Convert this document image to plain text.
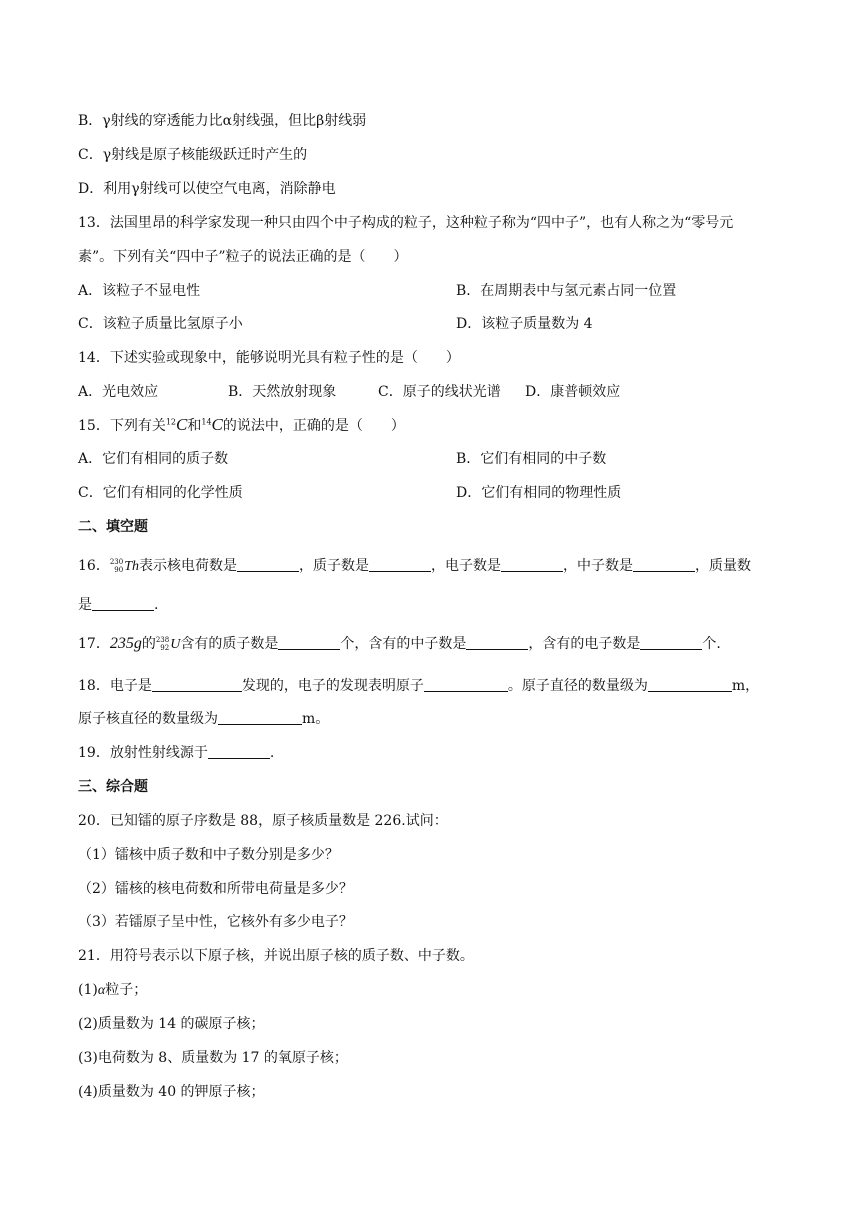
B．γ射线的穿透能力比α射线强，但比β射线弱
C．γ射线是原子核能级跃迁时产生的
D．利用γ射线可以使空气电离，消除静电
13．法国里昂的科学家发现一种只由四个中子构成的粒子，这种粒子称为“四中子”，也有人称之为“零号元
素”。下列有关“四中子”粒子的说法正确的是（　　）
A．该粒子不显电性	B．在周期表中与氢元素占同一位置
C．该粒子质量比氢原子小	D．该粒子质量数为 4
14．下述实验或现象中，能够说明光具有粒子性的是（　　）
A．光电效应	B．天然放射现象	C．原子的线状光谱 D．康普顿效应
15．下列有关$^{12}$C和$^{14}$C的说法中，正确的是（　　）
A．它们有相同的质子数	B．它们有相同的中子数
C．它们有相同的化学性质	D．它们有相同的物理性质
二、填空题
16． 230
90 Th表示核电荷数是	，质子数是	，电子数是	，中子数是	，质量数
是	.
17．235g的 238
92 U含有的质子数是	个，含有的中子数是	，含有的电子数是	个.
18．电子是	发现的，电子的发现表明原子	。原子直径的数量级为	m，
原子核直径的数量级为	m。
19．放射性射线源于	.
三、综合题
20．已知镭的原子序数是 88，原子核质量数是 226.试问：
（1）镭核中质子数和中子数分别是多少？
（2）镭核的核电荷数和所带电荷量是多少？
（3）若镭原子呈中性，它核外有多少电子？
21．用符号表示以下原子核，并说出原子核的质子数、中子数。
(1)α粒子；
(2)质量数为 14 的碳原子核；
(3)电荷数为 8、质量数为 17 的氧原子核；
(4)质量数为 40 的钾原子核；
